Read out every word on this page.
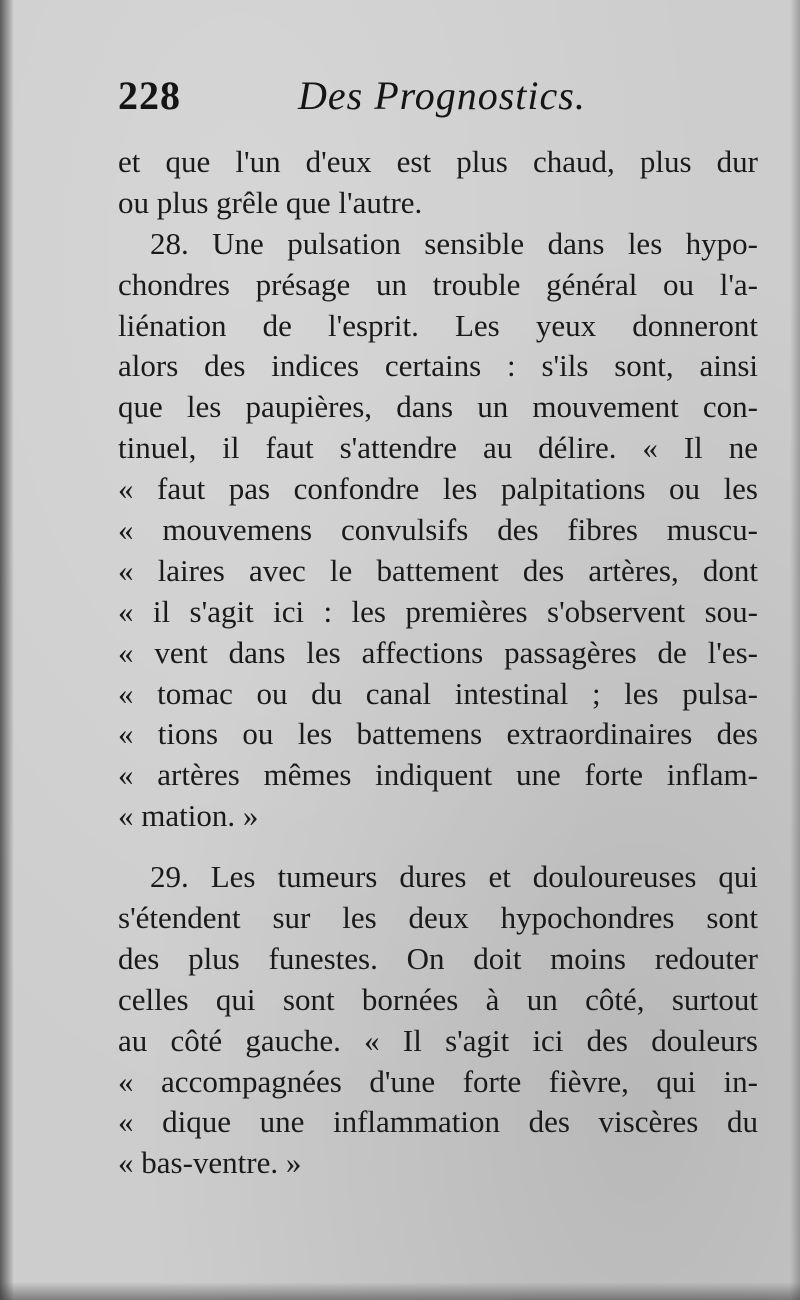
228	Des Prognostics.
et que l'un d'eux est plus chaud, plus dur
ou plus grêle que l'autre.
28. Une pulsation sensible dans les hypo-
chondres présage un trouble général ou l'a-
liénation de l'esprit. Les yeux donneront
alors des indices certains : s'ils sont, ainsi
que les paupières, dans un mouvement con-
tinuel, il faut s'attendre au délire. « Il ne
« faut pas confondre les palpitations ou les
« mouvemens convulsifs des fibres muscu-
« laires avec le battement des artères, dont
« il s'agit ici : les premières s'observent sou-
« vent dans les affections passagères de l'es-
« tomac ou du canal intestinal ; les pulsa-
« tions ou les battemens extraordinaires des
« artères mêmes indiquent une forte inflam-
« mation. »
29. Les tumeurs dures et douloureuses qui
s'étendent sur les deux hypochondres sont
des plus funestes. On doit moins redouter
celles qui sont bornées à un côté, surtout
au côté gauche. « Il s'agit ici des douleurs
« accompagnées d'une forte fièvre, qui in-
« dique une inflammation des viscères du
« bas-ventre. »
